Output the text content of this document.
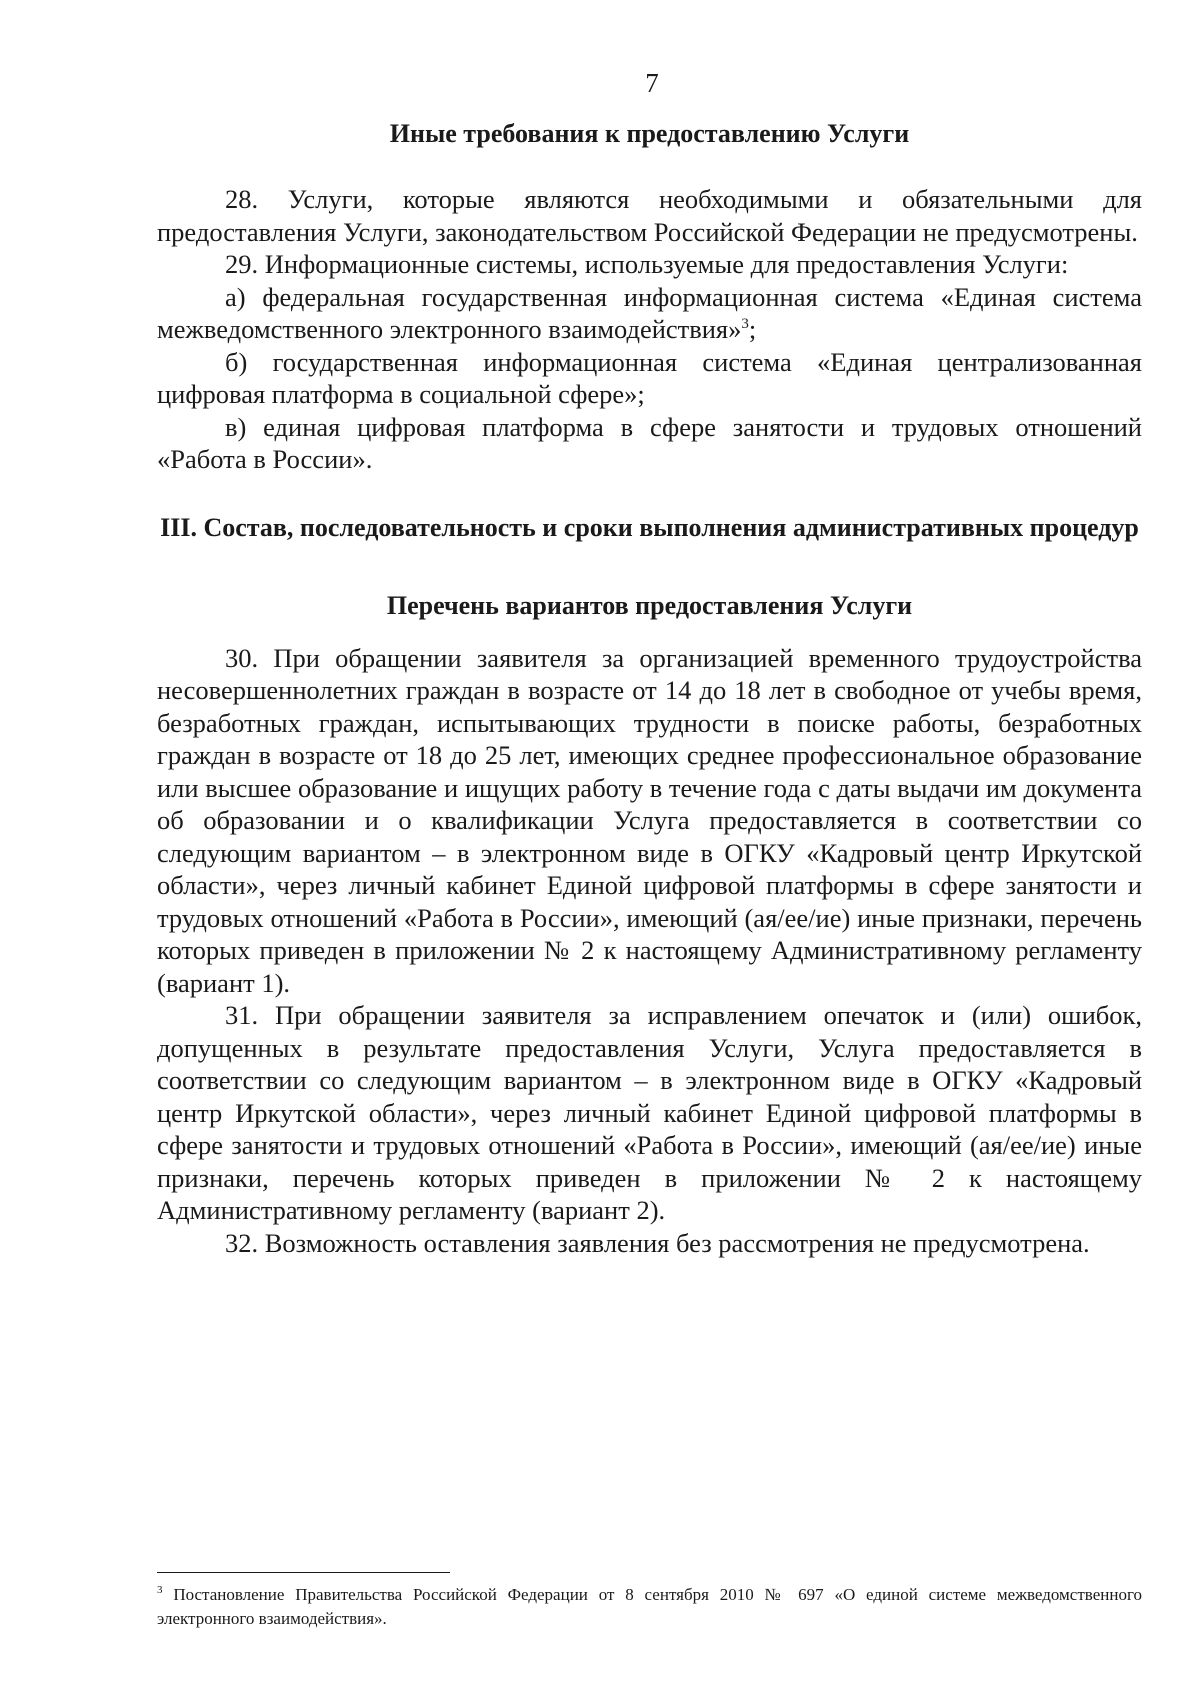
7
Иные требования к предоставлению Услуги

28. Услуги, которые являются необходимыми и обязательными для предоставления Услуги, законодательством Российской Федерации не предусмотрены.

29. Информационные системы, используемые для предоставления Услуги:

а) федеральная государственная информационная система «Единая система межведомственного электронного взаимодействия»$^3$;

б) государственная информационная система «Единая централизованная цифровая платформа в социальной сфере»;

в) единая цифровая платформа в сфере занятости и трудовых отношений «Работа в России».

III. Состав, последовательность и сроки выполнения административных процедур
Перечень вариантов предоставления Услуги

30. При обращении заявителя за организацией временного трудоустройства несовершеннолетних граждан в возрасте от 14 до 18 лет в свободное от учебы время, безработных граждан, испытывающих трудности в поиске работы, безработных граждан в возрасте от 18 до 25 лет, имеющих среднее профессиональное образование или высшее образование и ищущих работу в течение года с даты выдачи им документа об образовании и о квалификации Услуга предоставляется в соответствии со следующим вариантом – в электронном виде в ОГКУ «Кадровый центр Иркутской области», через личный кабинет Единой цифровой платформы в сфере занятости и трудовых отношений «Работа в России», имеющий (ая/ее/ие) иные признаки, перечень которых приведен в приложении № 2 к настоящему Административному регламенту (вариант 1).

31. При обращении заявителя за исправлением опечаток и (или) ошибок, допущенных в результате предоставления Услуги, Услуга предоставляется в соответствии со следующим вариантом – в электронном виде в ОГКУ «Кадровый центр Иркутской области», через личный кабинет Единой цифровой платформы в сфере занятости и трудовых отношений «Работа в России», имеющий (ая/ее/ие) иные признаки, перечень которых приведен в приложении № 2 к настоящему Административному регламенту (вариант 2).

32. Возможность оставления заявления без рассмотрения не предусмотрена.

$^3$ Постановление Правительства Российской Федерации от 8 сентября 2010 № 697 «О единой системе межведомственного электронного взаимодействия».
